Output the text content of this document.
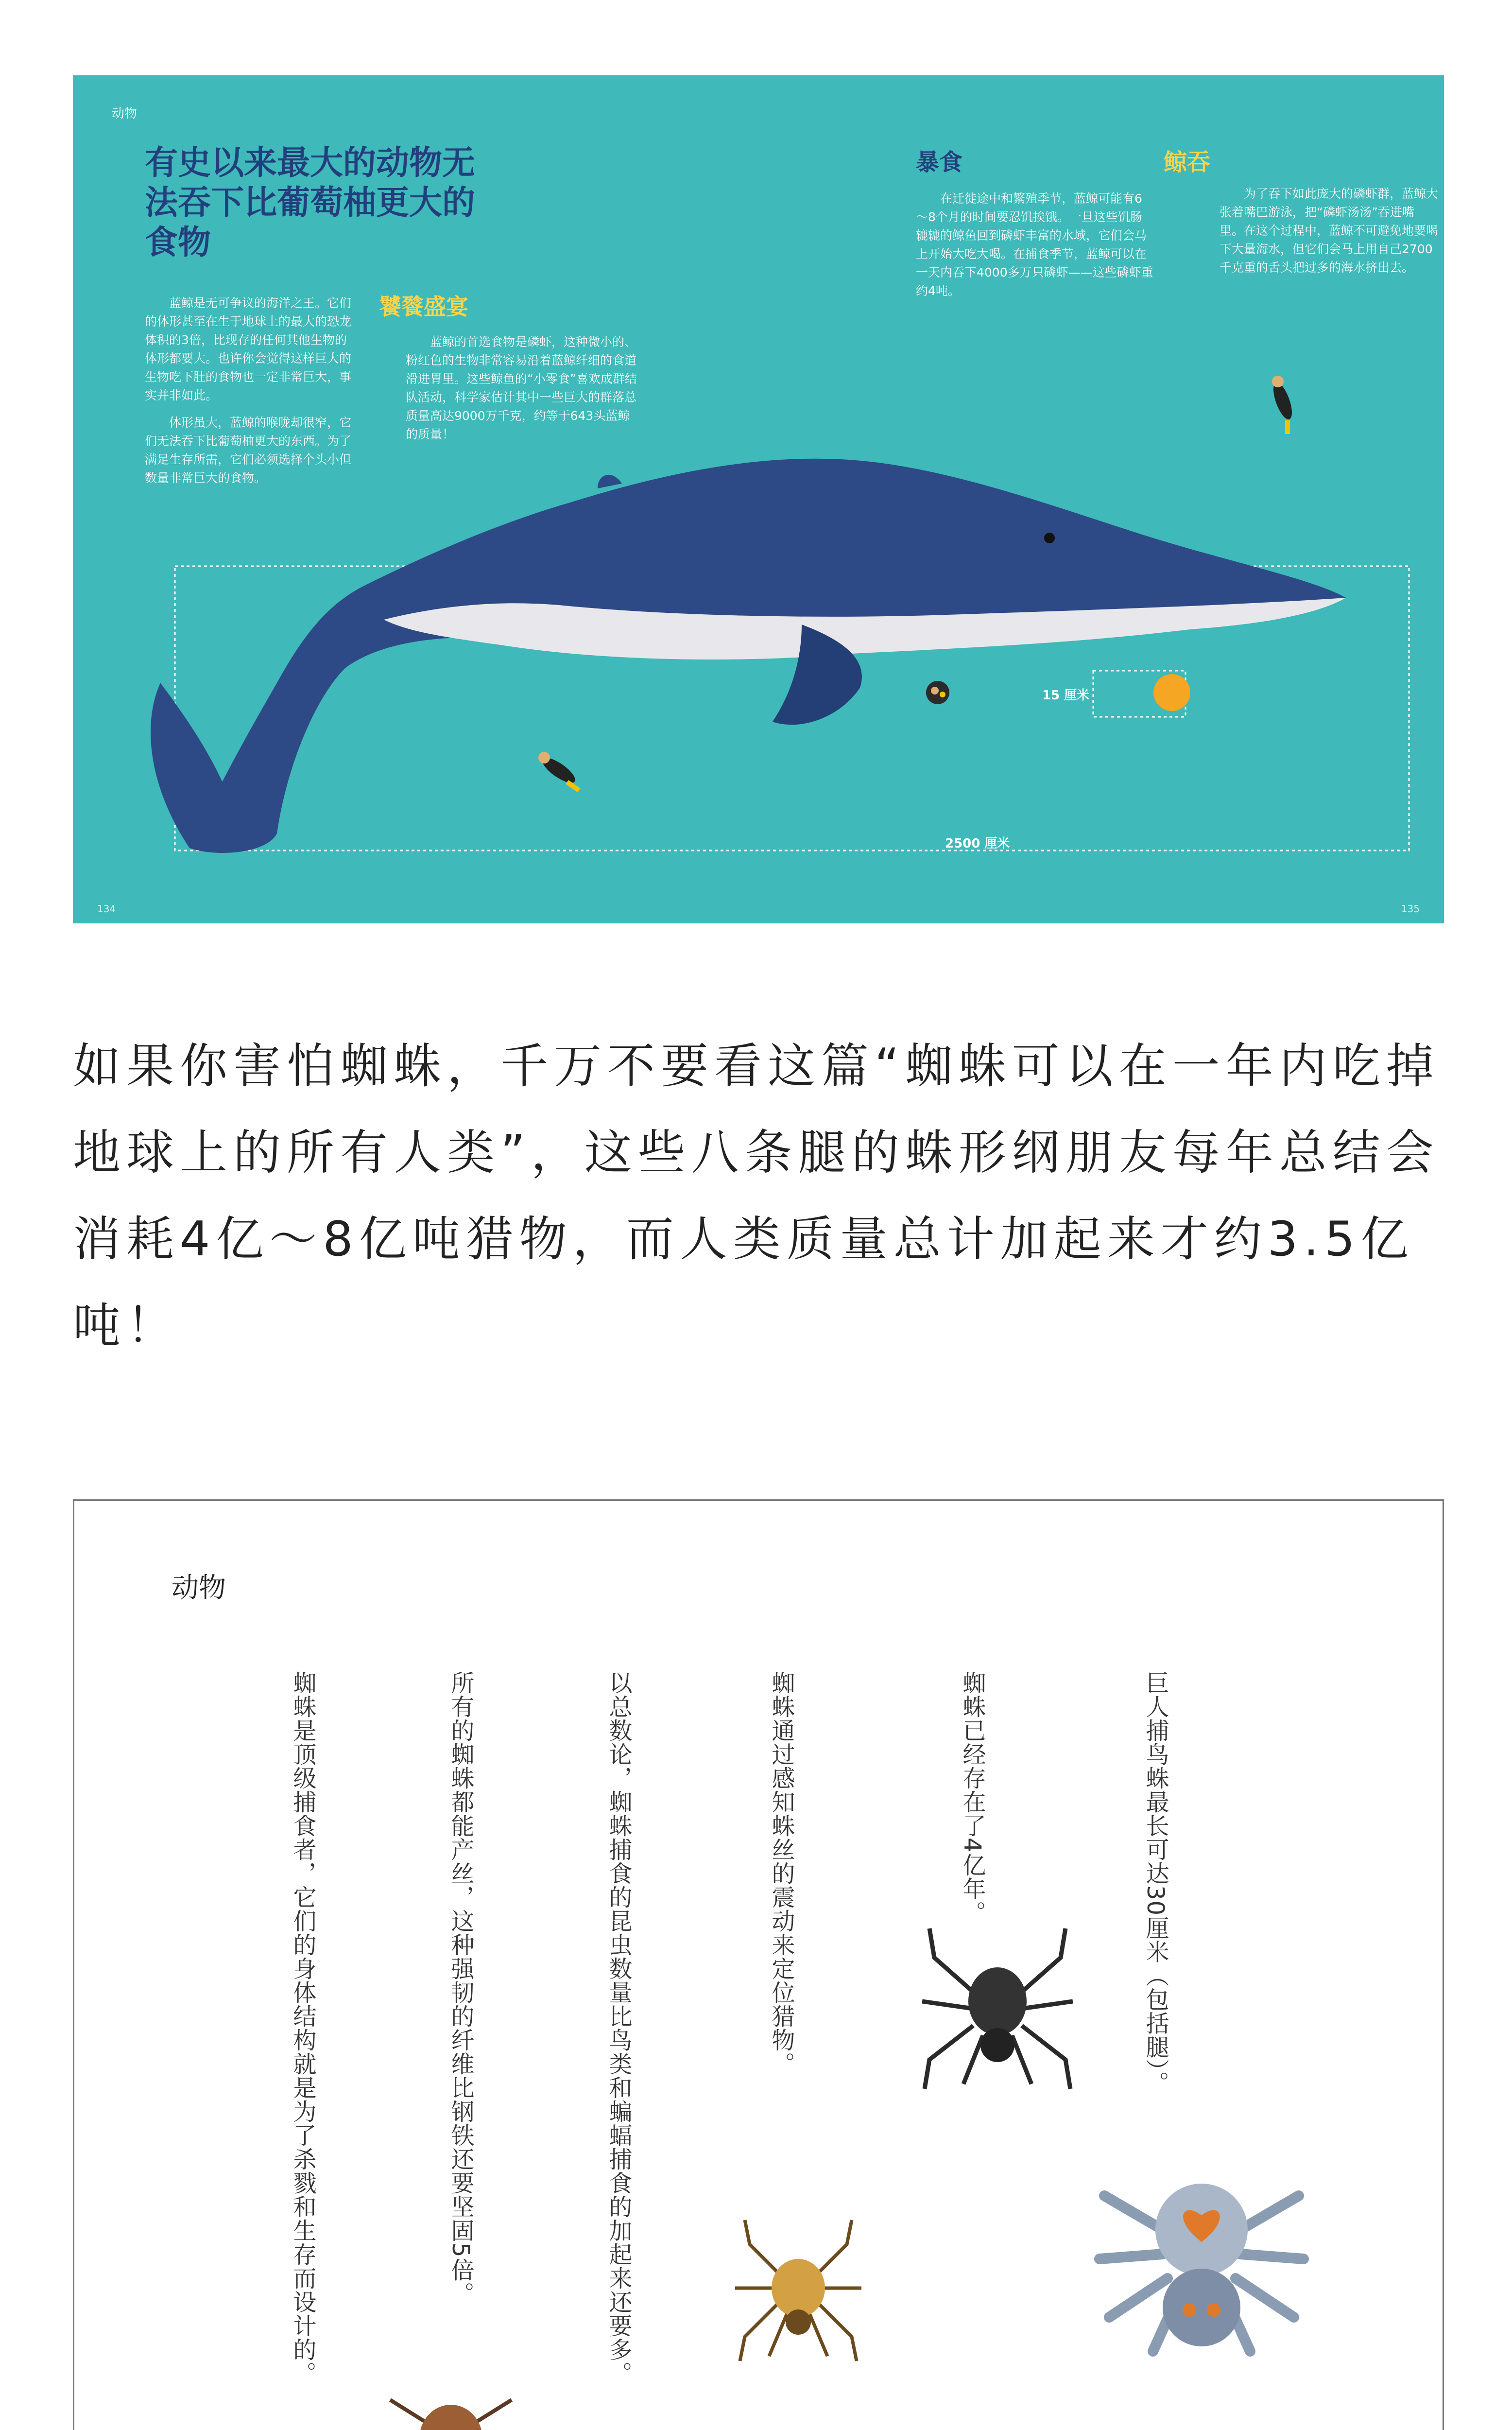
动物
有史以来最大的动物无法吞下比葡萄柚更大的食物

蓝鲸是无可争议的海洋之王。它们的体形甚至在生于地球上的最大的恐龙体积的3倍，比现存的任何其他生物的体形都要大。也许你会觉得这样巨大的生物吃下肚的食物也一定非常巨大，事实并非如此。

体形虽大，蓝鲸的喉咙却很窄，它们无法吞下比葡萄柚更大的东西。为了满足生存所需，它们必须选择个头小但数量非常巨大的食物。

饕餮盛宴
蓝鲸的首选食物是磷虾，这种微小的、粉红色的生物非常容易沿着蓝鲸纤细的食道滑进胃里。这些鲸鱼的“小零食”喜欢成群结队活动，科学家估计其中一些巨大的群落总质量高达9000万千克，约等于643头蓝鲸的质量！
暴食
在迁徙途中和繁殖季节，蓝鲸可能有6～8个月的时间要忍饥挨饿。一旦这些饥肠辘辘的鲸鱼回到磷虾丰富的水域，它们会马上开始大吃大喝。在捕食季节，蓝鲸可以在一天内吞下4000多万只磷虾——这些磷虾重约4吨。
鲸吞
为了吞下如此庞大的磷虾群，蓝鲸大张着嘴巴游泳，把“磷虾汤汤”吞进嘴里。在这个过程中，蓝鲸不可避免地要喝下大量海水，但它们会马上用自己2700千克重的舌头把过多的海水挤出去。
15 厘米
2500 厘米
134	135

如果你害怕蜘蛛，千万不要看这篇“蜘蛛可以在一年内吃掉地球上的所有人类”，这些八条腿的蛛形纲朋友每年总结会消耗4亿～8亿吨猎物，而人类质量总计加起来才约3.5亿吨！

动物
蜘蛛是顶级捕食者，它们的身体结构就是为了杀戮和生存而设计的。	所有的蜘蛛都能产丝，这种强韧的纤维比钢铁还要坚固5倍。	以总数论，蜘蛛捕食的昆虫数量比鸟类和蝙蝠捕食的加起来还要多。	蜘蛛通过感知蛛丝的震动来定位猎物。	蜘蛛已经存在了4亿年。	巨人捕鸟蛛最长可达30厘米（包括腿）。
